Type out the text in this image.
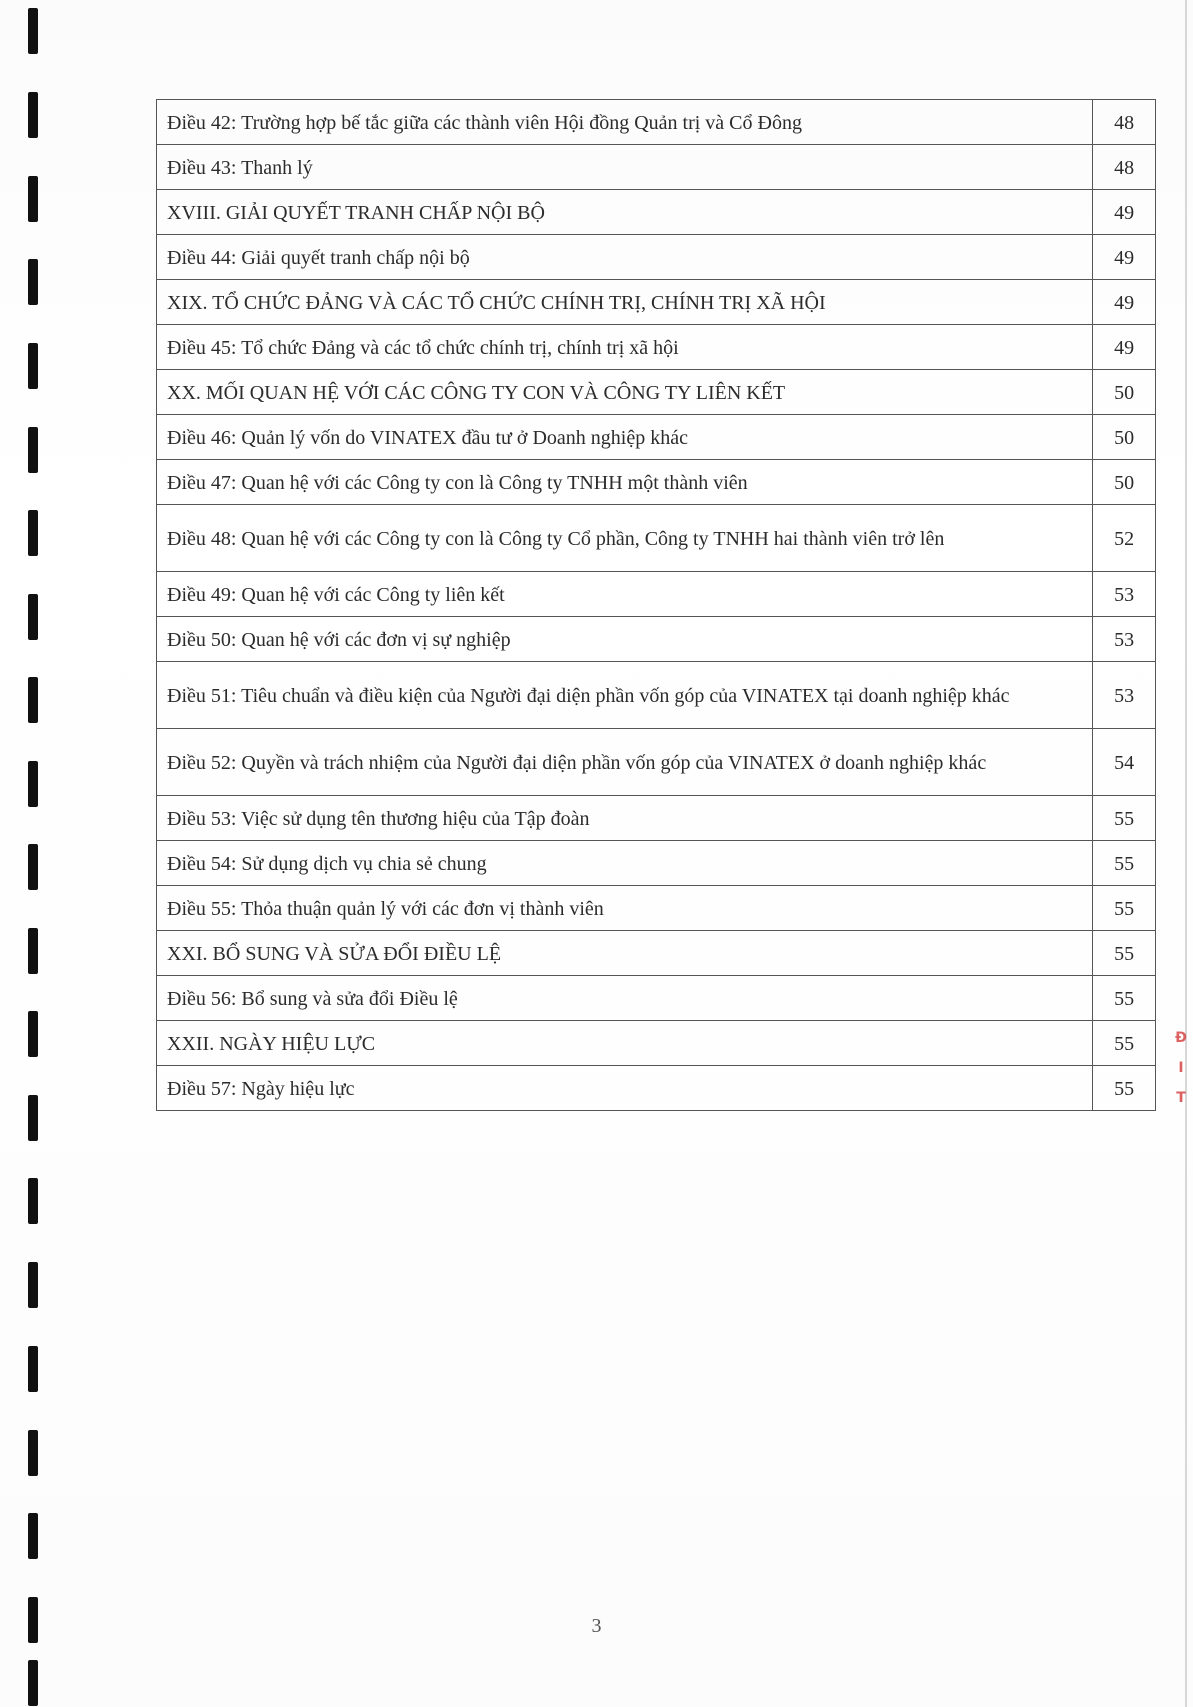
Đ
I
T
Điều 42: Trường hợp bế tắc giữa các thành viên Hội đồng Quản trị và Cổ Đông	48
Điều 43: Thanh lý	48
XVIII. GIẢI QUYẾT TRANH CHẤP NỘI BỘ	49
Điều 44: Giải quyết tranh chấp nội bộ	49
XIX. TỔ CHỨC ĐẢNG VÀ CÁC TỔ CHỨC CHÍNH TRỊ, CHÍNH TRỊ XÃ HỘI	49
Điều 45: Tổ chức Đảng và các tổ chức chính trị, chính trị xã hội	49
XX. MỐI QUAN HỆ VỚI CÁC CÔNG TY CON VÀ CÔNG TY LIÊN KẾT	50
Điều 46: Quản lý vốn do VINATEX đầu tư ở Doanh nghiệp khác	50
Điều 47: Quan hệ với các Công ty con là Công ty TNHH một thành viên	50
Điều 48: Quan hệ với các Công ty con là Công ty Cổ phần, Công ty TNHH hai thành viên trở lên	52
Điều 49: Quan hệ với các Công ty liên kết	53
Điều 50: Quan hệ với các đơn vị sự nghiệp	53
Điều 51: Tiêu chuẩn và điều kiện của Người đại diện phần vốn góp của VINATEX tại doanh nghiệp khác	53
Điều 52: Quyền và trách nhiệm của Người đại diện phần vốn góp của VINATEX ở doanh nghiệp khác	54
Điều 53: Việc sử dụng tên thương hiệu của Tập đoàn	55
Điều 54: Sử dụng dịch vụ chia sẻ chung	55
Điều 55: Thỏa thuận quản lý với các đơn vị thành viên	55
XXI. BỔ SUNG VÀ SỬA ĐỔI ĐIỀU LỆ	55
Điều 56: Bổ sung và sửa đổi Điều lệ	55
XXII. NGÀY HIỆU LỰC	55
Điều 57: Ngày hiệu lực	55
3
